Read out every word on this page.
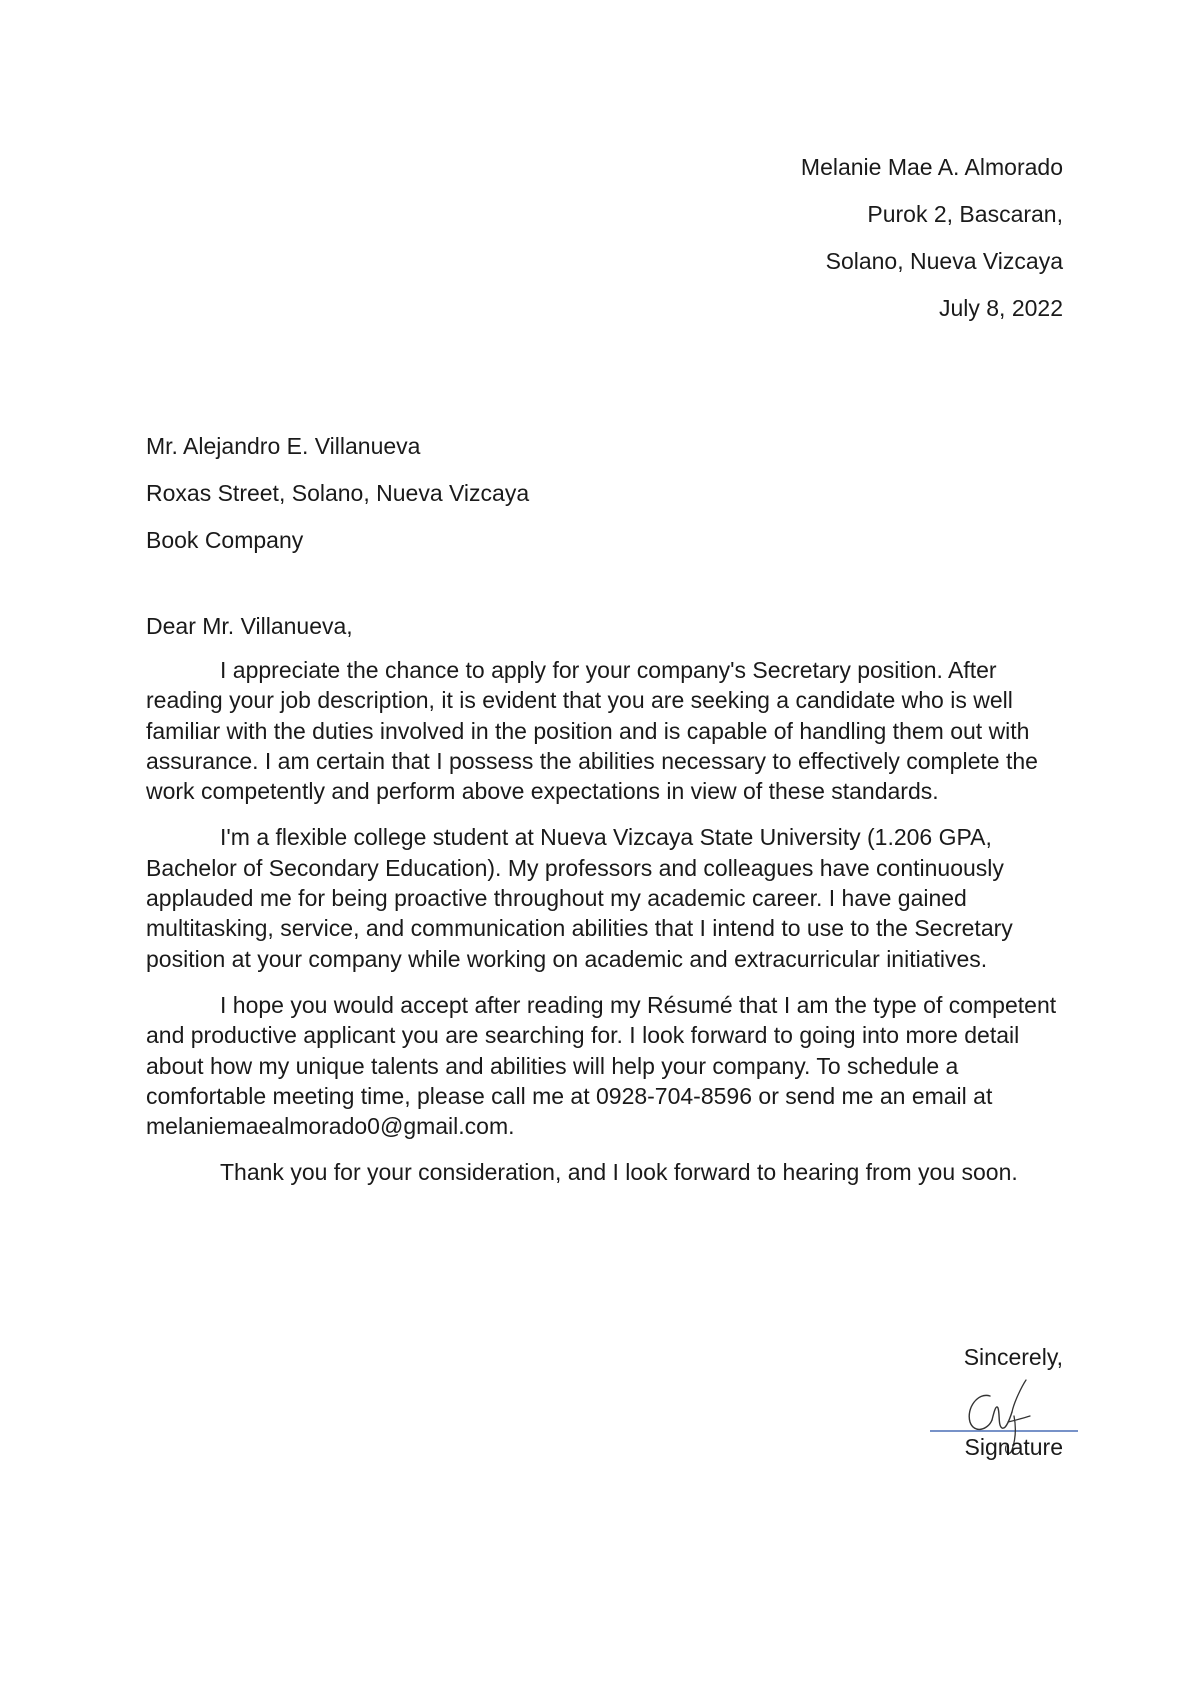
Melanie Mae A. Almorado
Purok 2, Bascaran,
Solano, Nueva Vizcaya
July 8, 2022
Mr. Alejandro E. Villanueva
Roxas Street, Solano, Nueva Vizcaya
Book Company
Dear Mr. Villanueva,

I appreciate the chance to apply for your company's Secretary position. After reading your job description, it is evident that you are seeking a candidate who is well familiar with the duties involved in the position and is capable of handling them out with assurance. I am certain that I possess the abilities necessary to effectively complete the work competently and perform above expectations in view of these standards.

I'm a flexible college student at Nueva Vizcaya State University (1.206 GPA, Bachelor of Secondary Education). My professors and colleagues have continuously applauded me for being proactive throughout my academic career. I have gained multitasking, service, and communication abilities that I intend to use to the Secretary position at your company while working on academic and extracurricular initiatives.

I hope you would accept after reading my Résumé that I am the type of competent and productive applicant you are searching for. I look forward to going into more detail about how my unique talents and abilities will help your company. To schedule a comfortable meeting time, please call me at 0928-704-8596 or send me an email at melaniemaealmorado0@gmail.com.

Thank you for your consideration, and I look forward to hearing from you soon.

Sincerely,
Signature
